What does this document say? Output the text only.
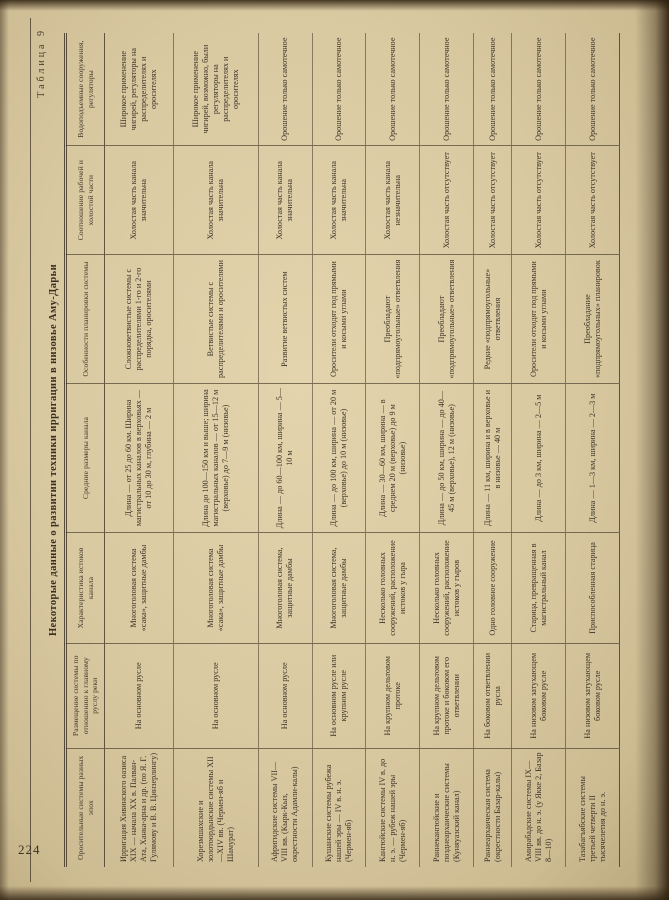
Таблица 9
Некоторые данные о развитии техники ирригации в низовье Аму-Дарьи
Оросительные системы разных эпох	Размещение системы по отношению к главному руслу реки	Характеристика истоков канала	Средние размеры канала	Особенности планировки системы	Соотношение рабочей и холостой части	Водоподъемные сооружения, регуляторы
Ирригация Хивинского оазиса XIX — начала XX в. Палван-Ата, Ханка-арна и др. (по Я. Г. Гулямову и В. В. Цинзерлингу)	На основном русле	Многоголовая система «сака», защитные дамбы	Длина — от 25 до 60 км. Ширина магистральных каналов в верховьях — от 10 до 30 м, глубина — 2 м	Сложноветвистые системы с распределителями 1-го и 2-го порядка, оросителями	Холостая часть канала значительна	Широкое применение чигирей, регуляторы на распределителях и оросителях
Хорезмшахские и золотоордынские системы XII—XIV вв. (Чермен-яб и Шамурат)	На основном русле	Многоголовая система «сака», защитные дамбы	Длина до 100—150 км и выше; ширина магистральных каналов — от 15—12 м (верховье) до 7—9 м (низовье)	Ветвистые системы с распределителями и оросителями	Холостая часть канала значительна	Широкое применение чигирей, возможно, были регуляторы на распределителях и оросителях
Афригидские системы VII—VIII вв. (Кырк-Кыз, окрестности Адамли-калы)	На основном русле	Многоголовая система, защитные дамбы	Длина — до 60—100 км, ширина — 5—10 м	Развитие ветвистых систем	Холостая часть канала значительна	Орошение только самотечное
Кушанские системы рубежа нашей эры — IV в. н. э. (Чермен-яб)	На основном русле или крупном русле	Многоголовая система, защитные дамбы	Длина — до 100 км, ширина — от 20 м (верховье) до 10 м (низовье)	Оросители отходят под прямыми и косыми углами	Холостая часть канала значительна	Орошение только самотечное
Кангюйские системы IV в. до н. э. — рубеж нашей эры (Чермен-яб)	На крупном дельтовом протоке	Несколько головных сооружений, расположение истоков у гыра	Длина — 30—60 км, ширина — в среднем 20 м (верховье) до 9 м (низовье)	Преобладают «подпрямоугольные» ответвления	Холостая часть канала незначительна	Орошение только самотечное
Раннекангюйские и позднеархаические системы (Куняуазский канал)	На крупном дельтовом протоке и боковом его ответвлении	Несколько головных сооружений, расположение истоков у гыров	Длина — до 50 км, ширина — до 40—45 м (верховье), 12 м (низовье)	Преобладают «подпрямоугольные» ответвления	Холостая часть отсутствует	Орошение только самотечное
Раннеархаическая система (окрестности Базар-калы)	На боковом ответвлении русла	Одно головное сооружение	Длина — 11 км, ширина и в верховье и в низовье — 40 м	Редкие «подпрямоугольные» ответвления	Холостая часть отсутствует	Орошение только самотечное
Амирабадские системы IX—VIII вв. до н. э. (у Якке 2, Базар 8—10)	На низовом затухающем боковом русле	Старица, превращенная в магистральный канал	Длина — до 3 км, ширина — 2—5 м	Оросители отходят под прямыми и косыми углами	Холостая часть отсутствует	Орошение только самотечное
Тазабагъябские системы третьей четверти II тысячелетия до н. э.	На низовом затухающем боковом русле	Приспособленная старица	Длина — 1—3 км, ширина — 2—3 м	Преобладание «подпрямоугольных» планировок	Холостая часть отсутствует	Орошение только самотечное
224
